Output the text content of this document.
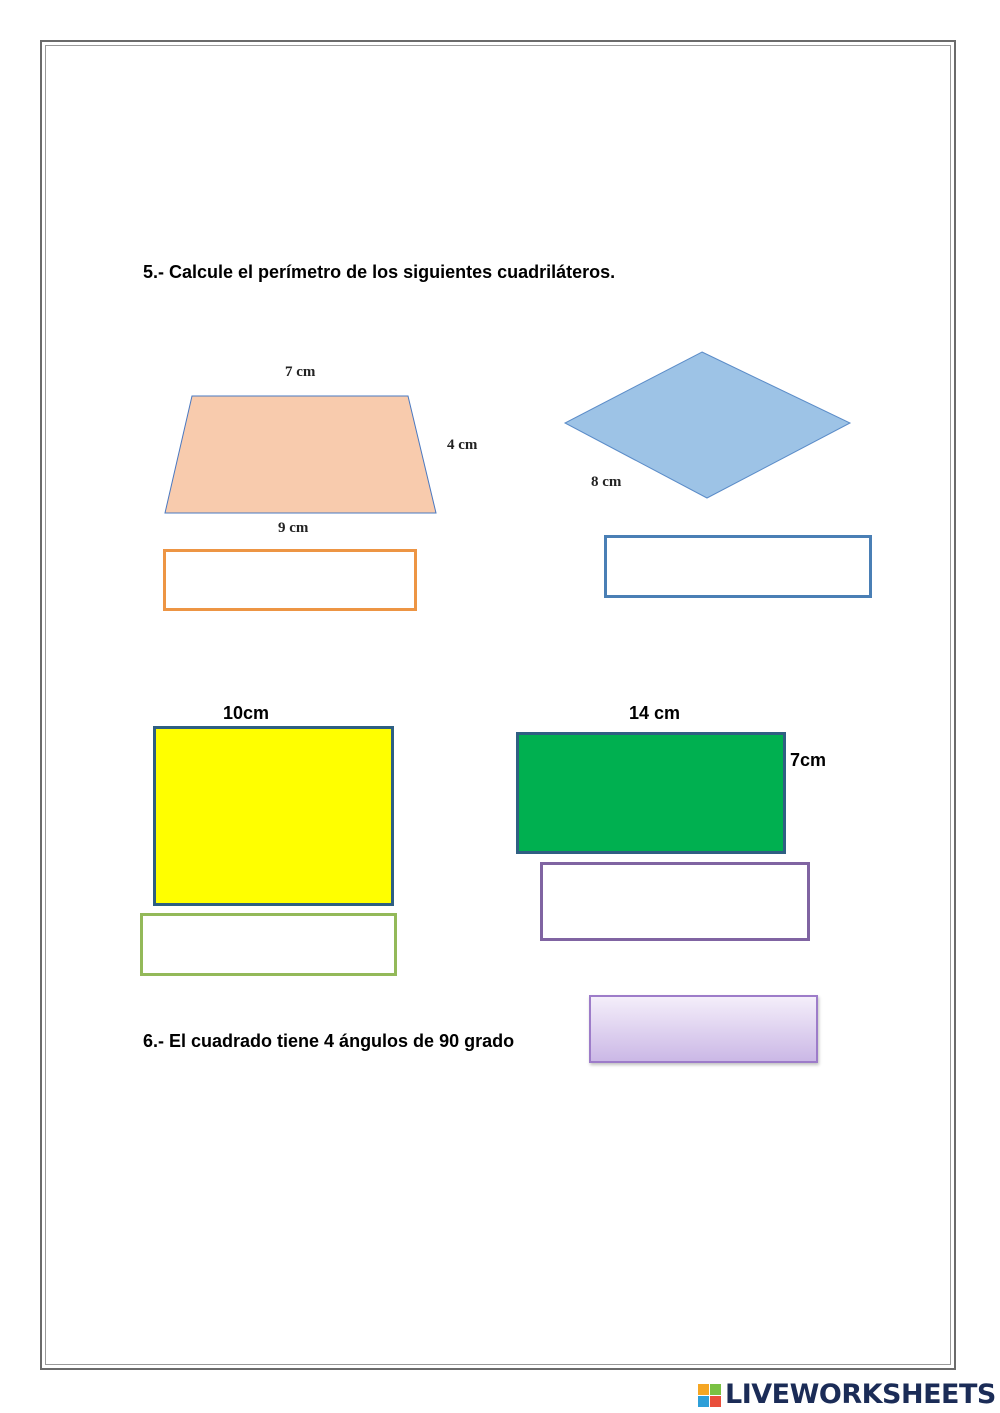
5.- Calcule el perímetro de los siguientes cuadriláteros.
7 cm
4 cm
9 cm
8 cm
10cm	14 cm
7cm
6.- El cuadrado tiene 4 ángulos de 90 grado
LIVEWORKSHEETS
